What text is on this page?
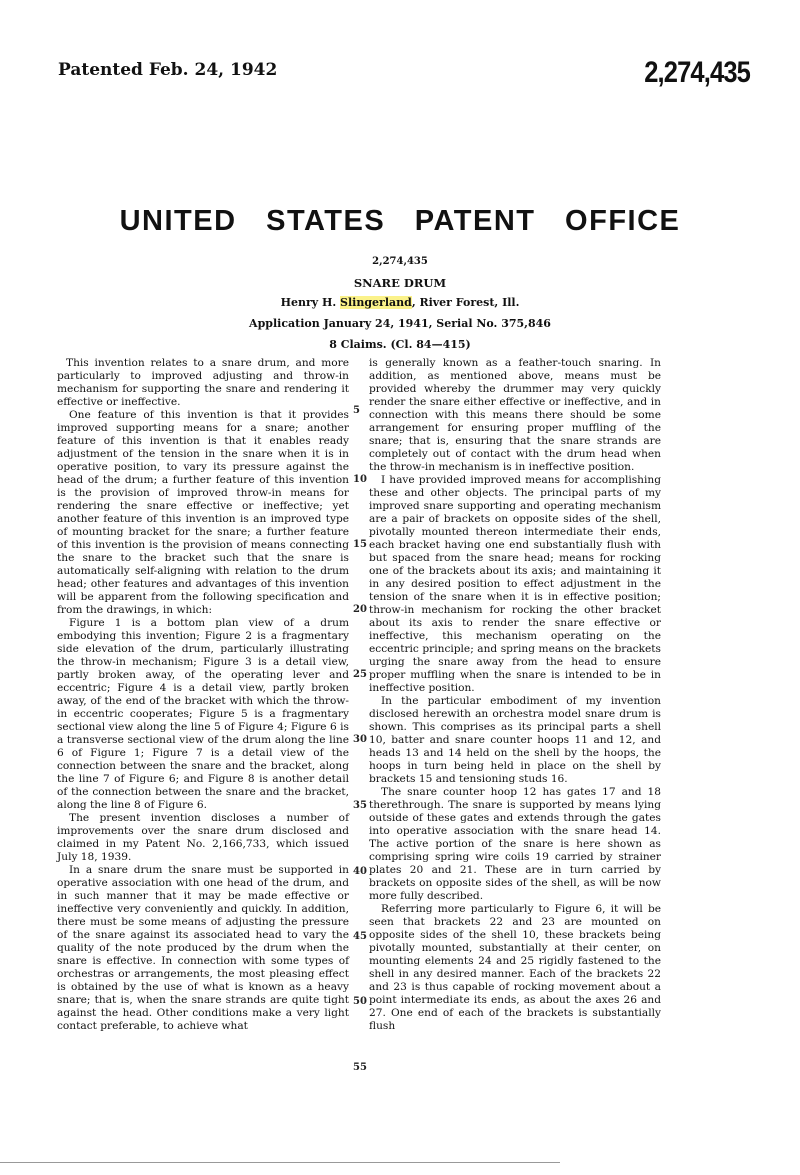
Patented Feb. 24, 1942	2,274,435
UNITED STATES PATENT OFFICE
2,274,435
SNARE DRUM
Henry H. Slingerland, River Forest, Ill.
Application January 24, 1941, Serial No. 375,846
8 Claims. (Cl. 84—415)

This invention relates to a snare drum, and more particularly to improved adjusting and throw-in mechanism for supporting the snare and rendering it effective or ineffective.

One feature of this invention is that it provides improved supporting means for a snare; another feature of this invention is that it enables ready adjustment of the tension in the snare when it is in operative position, to vary its pressure against the head of the drum; a further feature of this invention is the provision of improved throw-in means for rendering the snare effective or ineffective; yet another feature of this invention is an improved type of mounting bracket for the snare; a further feature of this invention is the provision of means connecting the snare to the bracket such that the snare is automatically self-aligning with relation to the drum head; other features and advantages of this invention will be apparent from the following specification and from the drawings, in which:

Figure 1 is a bottom plan view of a drum embodying this invention; Figure 2 is a fragmentary side elevation of the drum, particularly illustrating the throw-in mechanism; Figure 3 is a detail view, partly broken away, of the operating lever and eccentric; Figure 4 is a detail view, partly broken away, of the end of the bracket with which the throw-in eccentric cooperates; Figure 5 is a fragmentary sectional view along the line 5 of Figure 4; Figure 6 is a transverse sectional view of the drum along the line 6 of Figure 1; Figure 7 is a detail view of the connection between the snare and the bracket, along the line 7 of Figure 6; and Figure 8 is another detail of the connection between the snare and the bracket, along the line 8 of Figure 6.

The present invention discloses a number of improvements over the snare drum disclosed and claimed in my Patent No. 2,166,733, which issued July 18, 1939.

In a snare drum the snare must be supported in operative association with one head of the drum, and in such manner that it may be made effective or ineffective very conveniently and quickly. In addition, there must be some means of adjusting the pressure of the snare against its associated head to vary the quality of the note produced by the drum when the snare is effective. In connection with some types of orchestras or arrangements, the most pleasing effect is obtained by the use of what is known as a heavy snare; that is, when the snare strands are quite tight against the head. Other conditions make a very light contact preferable, to achieve what

is generally known as a feather-touch snaring. In addition, as mentioned above, means must be provided whereby the drummer may very quickly render the snare either effective or ineffective, and in connection with this means there should be some arrangement for ensuring proper muffling of the snare; that is, ensuring that the snare strands are completely out of contact with the drum head when the throw-in mechanism is in ineffective position.

I have provided improved means for accomplishing these and other objects. The principal parts of my improved snare supporting and operating mechanism are a pair of brackets on opposite sides of the shell, pivotally mounted thereon intermediate their ends, each bracket having one end substantially flush with but spaced from the snare head; means for rocking one of the brackets about its axis; and maintaining it in any desired position to effect adjustment in the tension of the snare when it is in effective position; throw-in mechanism for rocking the other bracket about its axis to render the snare effective or ineffective, this mechanism operating on the eccentric principle; and spring means on the brackets urging the snare away from the head to ensure proper muffling when the snare is intended to be in ineffective position.

In the particular embodiment of my invention disclosed herewith an orchestra model snare drum is shown. This comprises as its principal parts a shell 10, batter and snare counter hoops 11 and 12, and heads 13 and 14 held on the shell by the hoops, the hoops in turn being held in place on the shell by brackets 15 and tensioning studs 16.

The snare counter hoop 12 has gates 17 and 18 therethrough. The snare is supported by means lying outside of these gates and extends through the gates into operative association with the snare head 14. The active portion of the snare is here shown as comprising spring wire coils 19 carried by strainer plates 20 and 21. These are in turn carried by brackets on opposite sides of the shell, as will be now more fully described.

Referring more particularly to Figure 6, it will be seen that brackets 22 and 23 are mounted on opposite sides of the shell 10, these brackets being pivotally mounted, substantially at their center, on mounting elements 24 and 25 rigidly fastened to the shell in any desired manner. Each of the brackets 22 and 23 is thus capable of rocking movement about a point intermediate its ends, as about the axes 26 and 27. One end of each of the brackets is substantially flush

5
10
15
20
25
30
35
40
45
50
55
